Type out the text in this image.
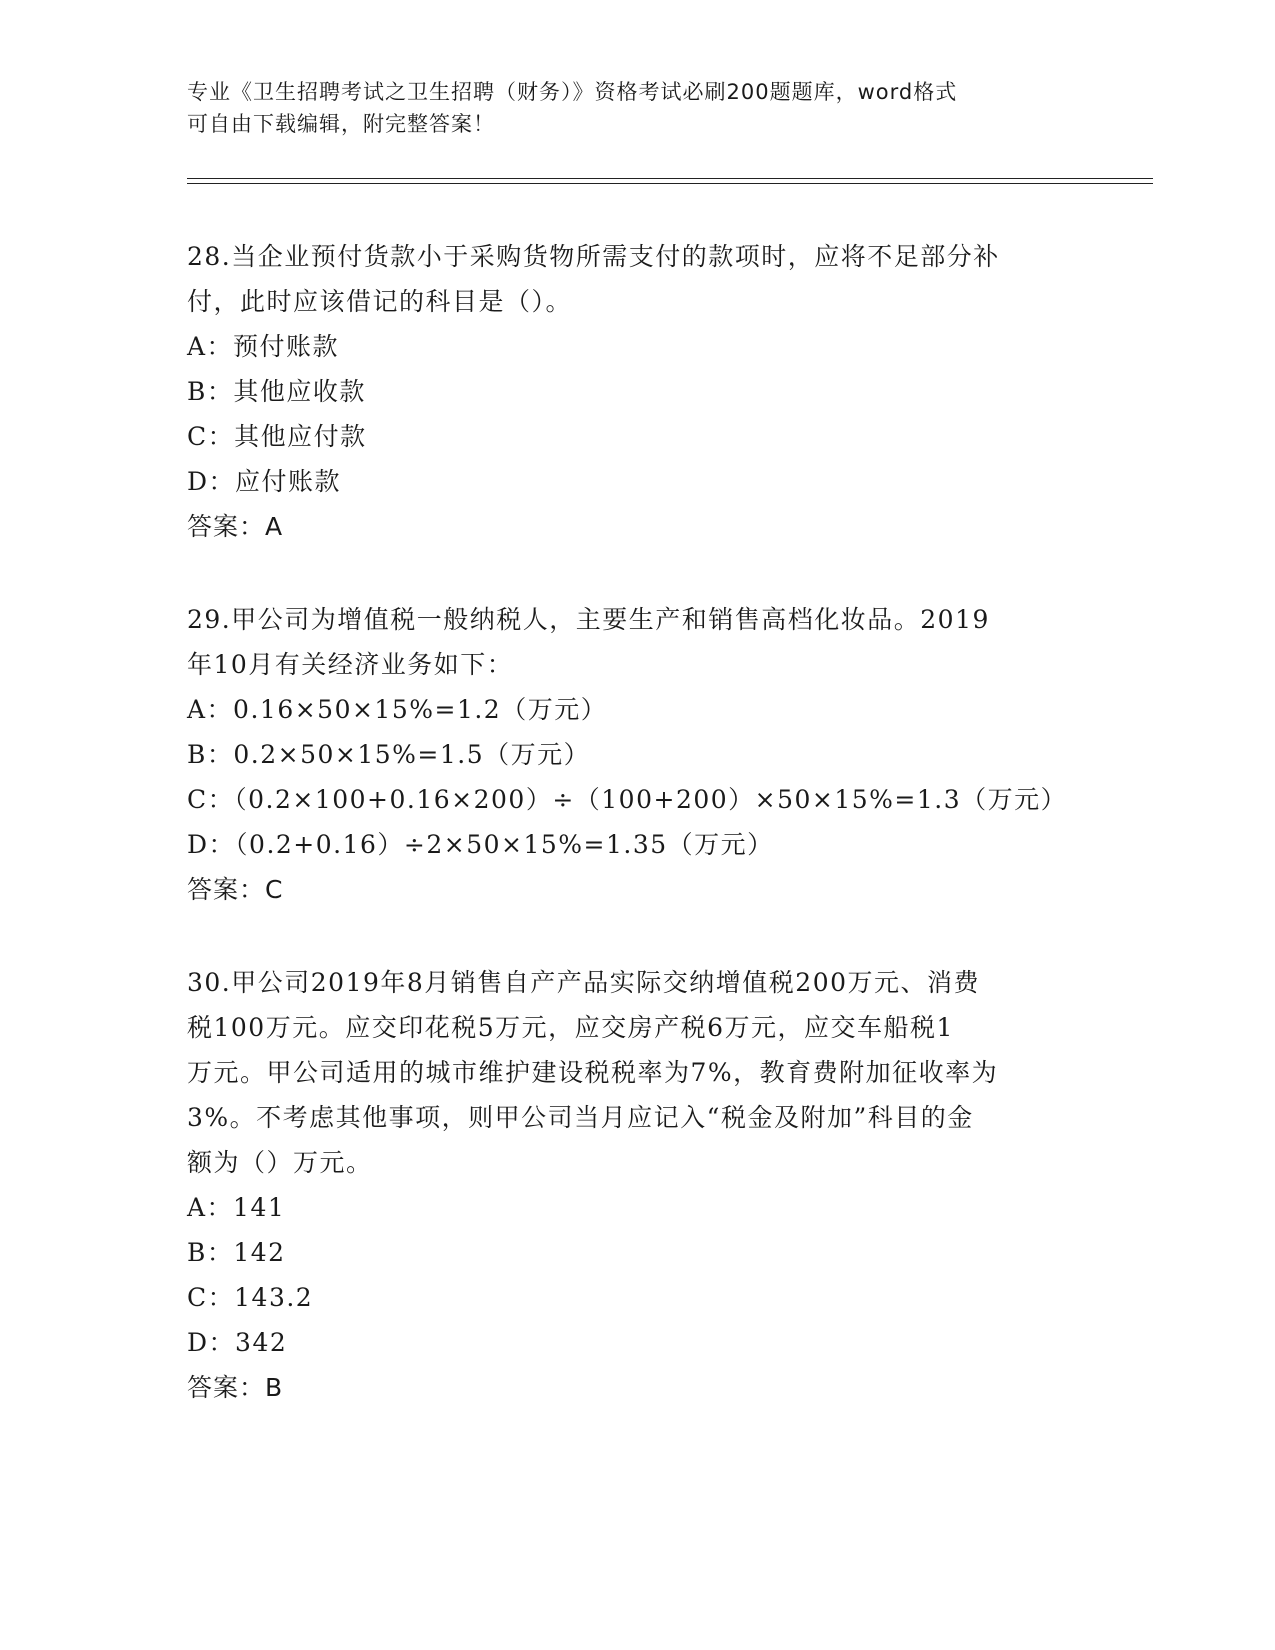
专业《卫生招聘考试之卫生招聘（财务）》资格考试必刷200题题库，word格式
可自由下载编辑，附完整答案！
28.当企业预付货款小于采购货物所需支付的款项时，应将不足部分补
付，此时应该借记的科目是（）。
A：预付账款
B：其他应收款
C：其他应付款
D：应付账款
答案：A
29.甲公司为增值税一般纳税人，主要生产和销售高档化妆品。2019
年10月有关经济业务如下：
A：0.16×50×15%=1.2（万元）
B：0.2×50×15%=1.5（万元）
C：（0.2×100+0.16×200）÷（100+200）×50×15%=1.3（万元）
D：（0.2+0.16）÷2×50×15%=1.35（万元）
答案：C
30.甲公司2019年8月销售自产产品实际交纳增值税200万元、消费
税100万元。应交印花税5万元，应交房产税6万元，应交车船税1
万元。甲公司适用的城市维护建设税税率为7%，教育费附加征收率为
3%。不考虑其他事项，则甲公司当月应记入“税金及附加”科目的金
额为（）万元。
A：141
B：142
C：143.2
D：342
答案：B
